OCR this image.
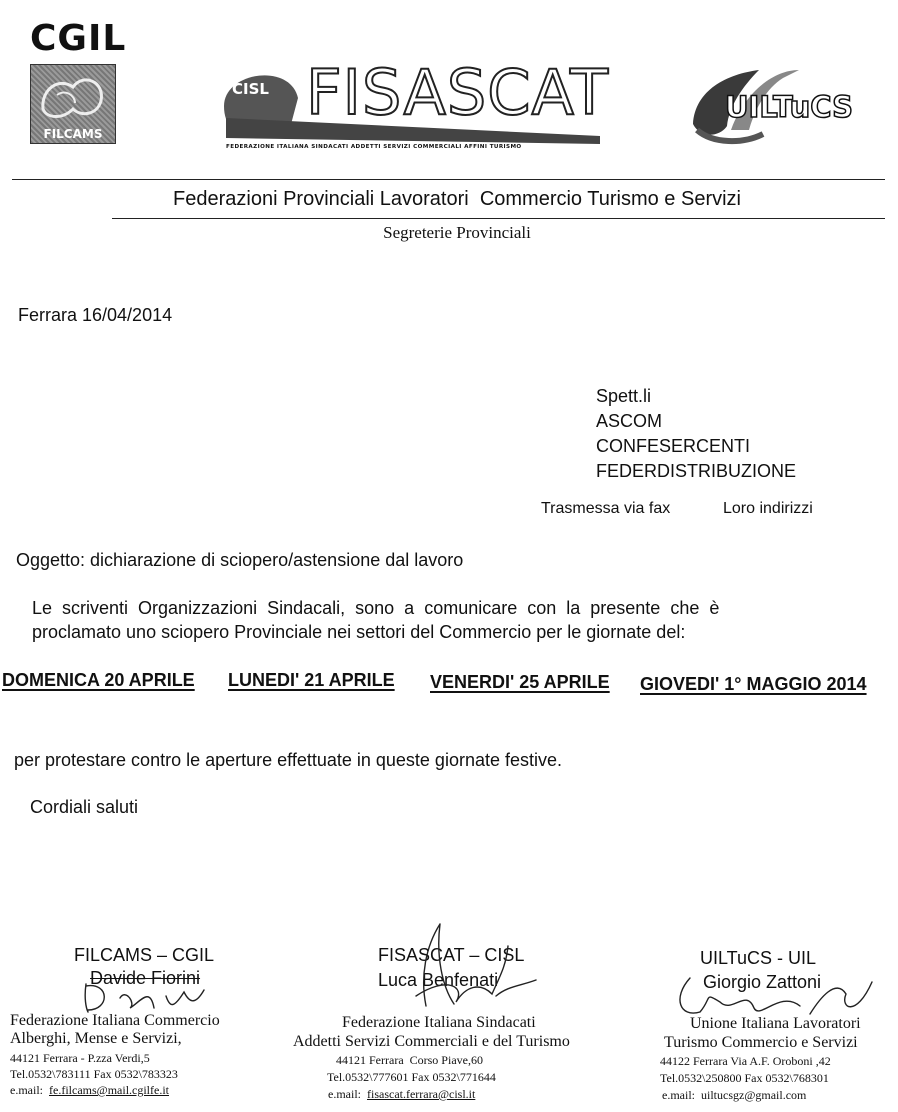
CGIL
FILCAMS
CISL FISASCAT
FEDERAZIONE ITALIANA SINDACATI ADDETTI SERVIZI COMMERCIALI AFFINI TURISMO
UILTuCS
Federazioni Provinciali Lavoratori  Commercio Turismo e Servizi
Segreterie Provinciali
Ferrara 16/04/2014
Spett.li
ASCOM
CONFESERCENTI
FEDERDISTRIBUZIONE
Trasmessa via fax	Loro indirizzi
Oggetto: dichiarazione di sciopero/astensione dal lavoro
Le  scriventi  Organizzazioni  Sindacali,  sono  a  comunicare  con  la  presente  che  è
proclamato uno sciopero Provinciale nei settori del Commercio per le giornate del:
DOMENICA 20 APRILE LUNEDI' 21 APRILE VENERDI' 25 APRILE GIOVEDI' 1° MAGGIO 2014
per protestare contro le aperture effettuate in queste giornate festive.
Cordiali saluti
FILCAMS – CGIL
Davide Fiorini
Federazione Italiana Commercio
Alberghi, Mense e Servizi,
44121 Ferrara - P.zza Verdi,5
Tel.0532\783111 Fax 0532\783323
e.mail: fe.filcams@mail.cgilfe.it
FISASCAT – CISL
Luca Benfenati
Federazione Italiana Sindacati
Addetti Servizi Commerciali e del Turismo
44121 Ferrara  Corso Piave,60
Tel.0532\777601 Fax 0532\771644
e.mail: fisascat.ferrara@cisl.it
UILTuCS - UIL
Giorgio Zattoni
Unione Italiana Lavoratori
Turismo Commercio e Servizi
44122 Ferrara Via A.F. Oroboni ,42
Tel.0532\250800 Fax 0532\768301
e.mail: uiltucsgz@gmail.com
